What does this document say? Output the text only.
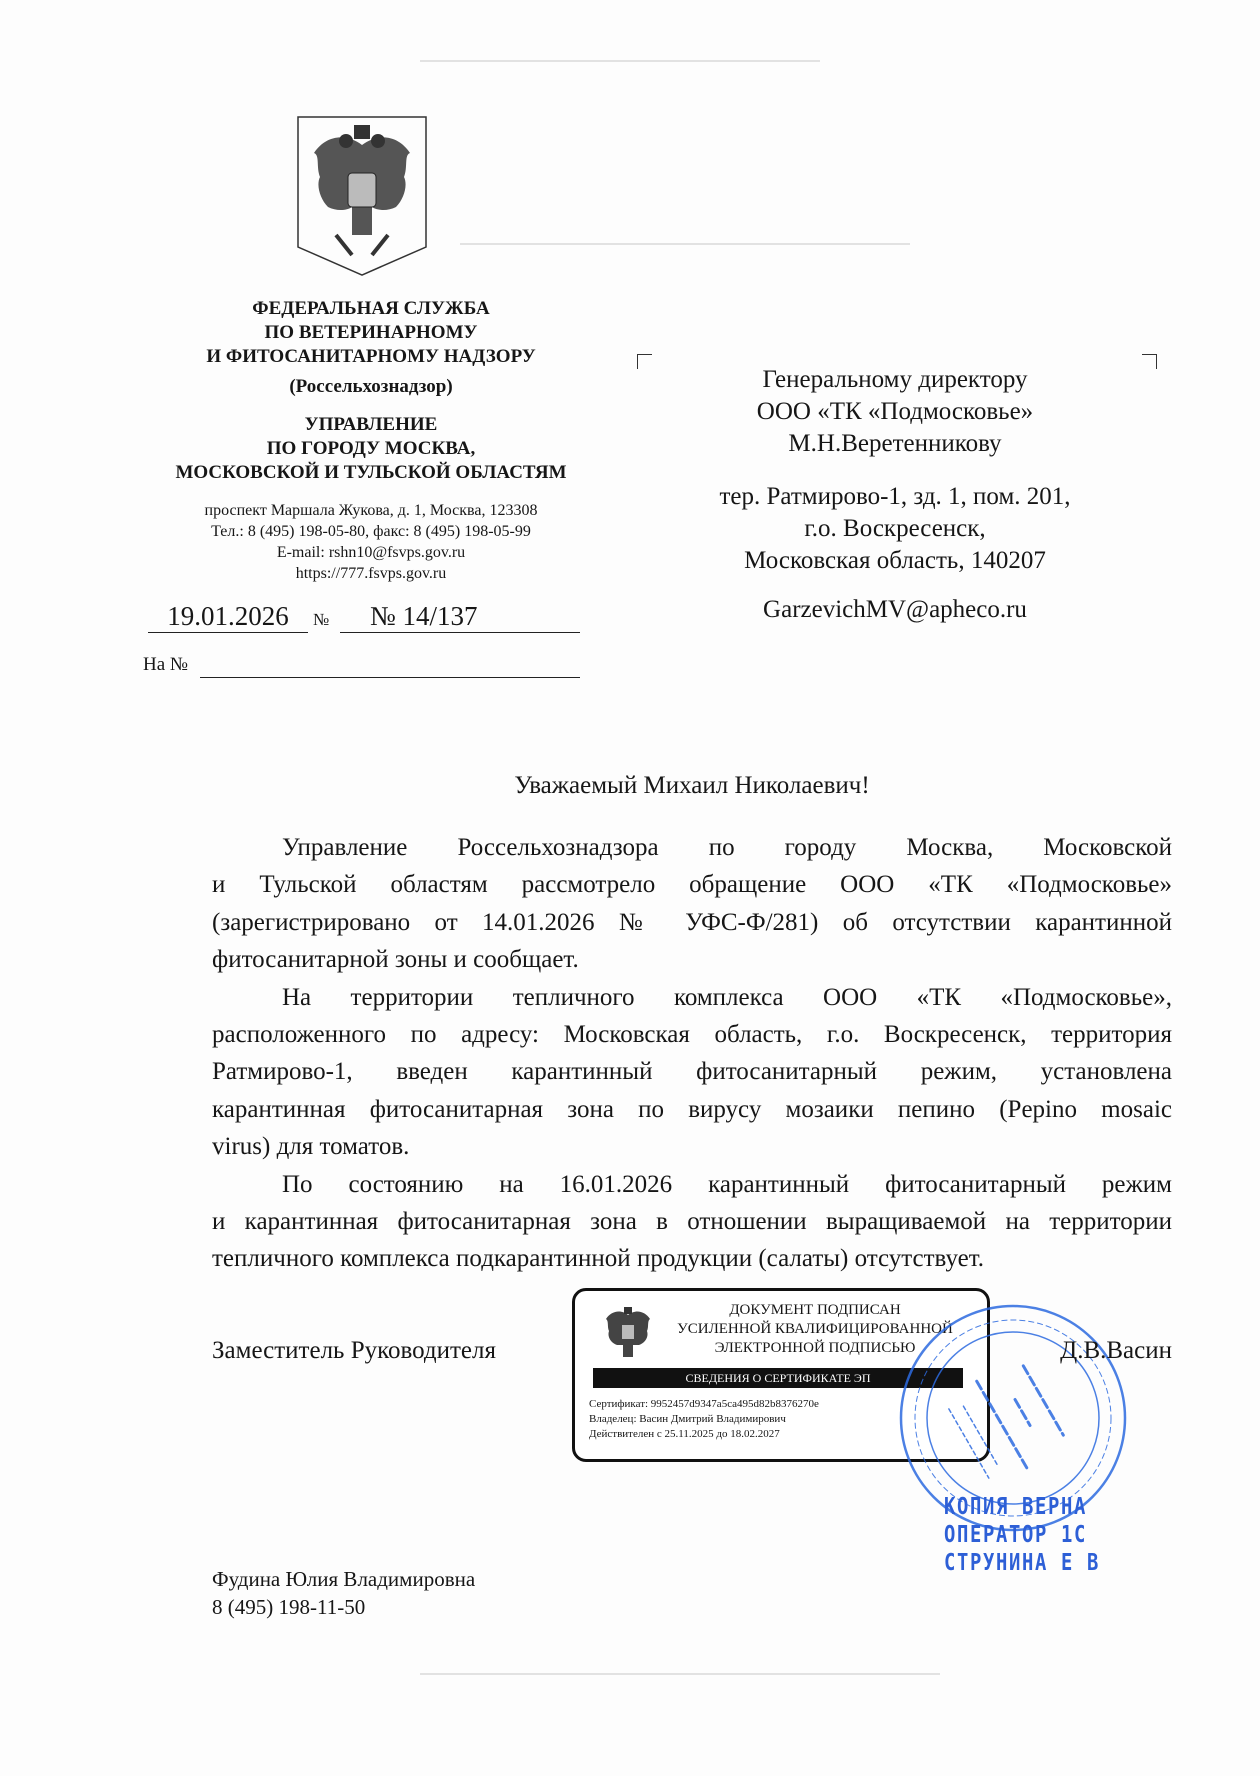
ФЕДЕРАЛЬНАЯ СЛУЖБА
ПО ВЕТЕРИНАРНОМУ
И ФИТОСАНИТАРНОМУ НАДЗОРУ
(Россельхознадзор)
УПРАВЛЕНИЕ
ПО ГОРОДУ МОСКВА,
МОСКОВСКОЙ И ТУЛЬСКОЙ ОБЛАСТЯМ
проспект Маршала Жукова, д. 1, Москва, 123308
Тел.: 8 (495) 198-05-80, факс: 8 (495) 198-05-99
E-mail: rshn10@fsvps.gov.ru
https://777.fsvps.gov.ru
19.01.2026	№	№ 14/137
На №
Генеральному директору
ООО «ТК «Подмосковье»
М.Н.Веретенникову
тер. Ратмирово-1, зд. 1, пом. 201,
г.о. Воскресенск,
Московская область, 140207
GarzevichMV@apheco.ru
Уважаемый Михаил Николаевич!
Управление Россельхознадзора по городу Москва, Московской
и Тульской областям рассмотрело обращение ООО «ТК «Подмосковье»
(зарегистрировано от 14.01.2026 № УФС-Ф/281) об отсутствии карантинной
фитосанитарной зоны и сообщает.
На территории тепличного комплекса ООО «ТК «Подмосковье»,
расположенного по адресу: Московская область, г.о. Воскресенск, территория
Ратмирово-1, введен карантинный фитосанитарный режим, установлена
карантинная фитосанитарная зона по вирусу мозаики пепино (Pepino mosaic
virus) для томатов.
По состоянию на 16.01.2026 карантинный фитосанитарный режим
и карантинная фитосанитарная зона в отношении выращиваемой на территории
тепличного комплекса подкарантинной продукции (салаты) отсутствует.
Заместитель Руководителя	Д.В.Васин
ДОКУМЕНТ ПОДПИСАН
УСИЛЕННОЙ КВАЛИФИЦИРОВАННОЙ
ЭЛЕКТРОННОЙ ПОДПИСЬЮ
СВЕДЕНИЯ О СЕРТИФИКАТЕ ЭП
Сертификат: 9952457d9347a5ca495d82b8376270e
Владелец: Васин Дмитрий Владимирович
Действителен с 25.11.2025 до 18.02.2027
КОПИЯ ВЕРНА
ОПЕРАТОР 1С
СТРУНИНА Е В
Фудина Юлия Владимировна
8 (495) 198-11-50
